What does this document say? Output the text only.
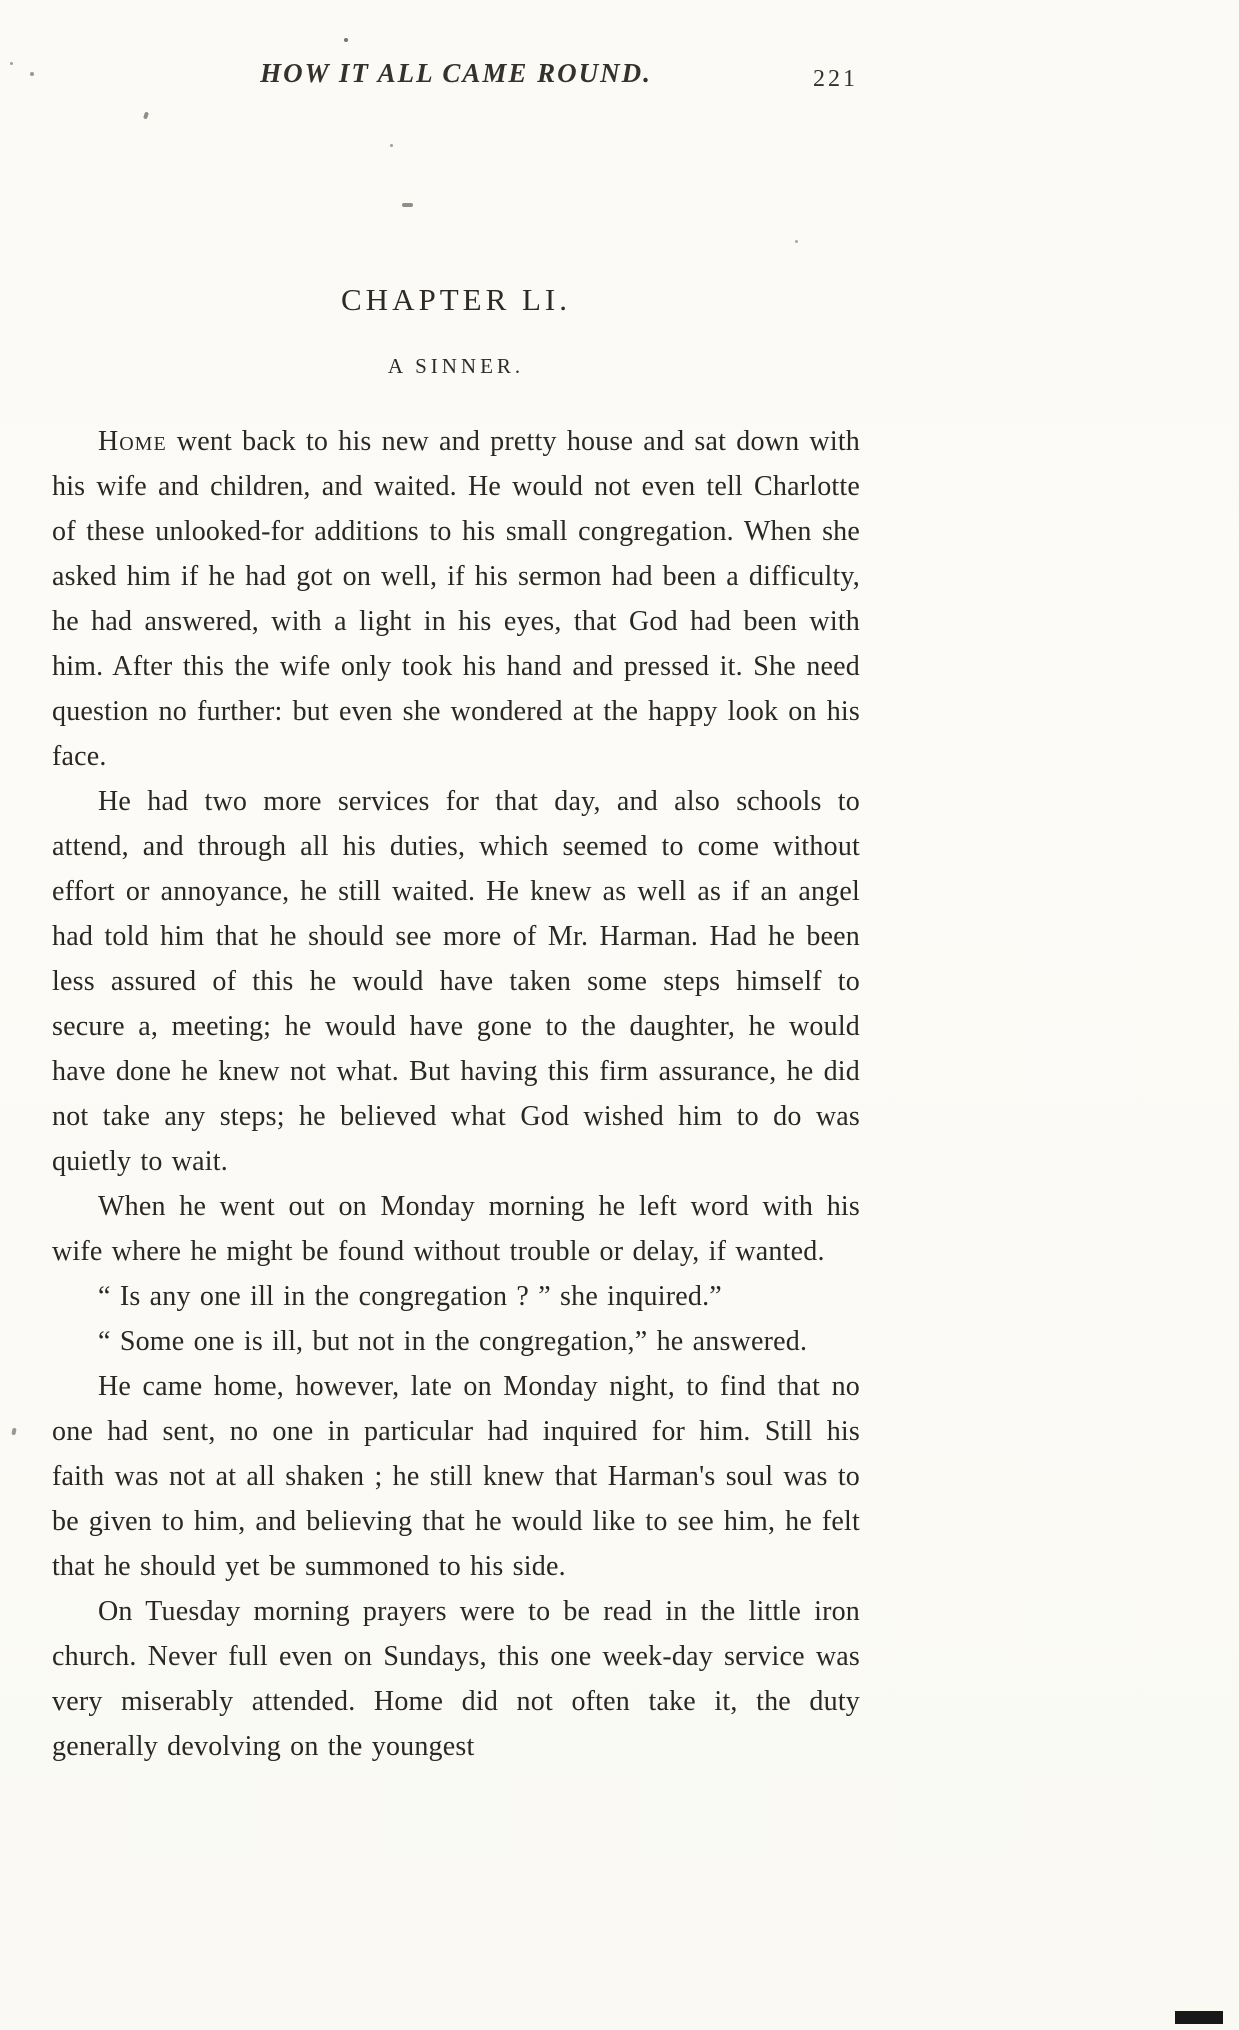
HOW IT ALL CAME ROUND.	221
CHAPTER LI.
A SINNER.

Home went back to his new and pretty house and sat down with his wife and children, and waited. He would not even tell Charlotte of these unlooked-for additions to his small congregation. When she asked him if he had got on well, if his sermon had been a difficulty, he had answered, with a light in his eyes, that God had been with him. After this the wife only took his hand and pressed it. She need question no further: but even she wondered at the happy look on his face.

He had two more services for that day, and also schools to attend, and through all his duties, which seemed to come without effort or annoyance, he still waited. He knew as well as if an angel had told him that he should see more of Mr. Harman. Had he been less assured of this he would have taken some steps himself to secure a, meeting; he would have gone to the daughter, he would have done he knew not what. But having this firm assurance, he did not take any steps; he believed what God wished him to do was quietly to wait.

When he went out on Monday morning he left word with his wife where he might be found without trouble or delay, if wanted.

“ Is any one ill in the congregation ? ” she inquired.”

“ Some one is ill, but not in the congregation,” he answered.

He came home, however, late on Monday night, to find that no one had sent, no one in particular had inquired for him. Still his faith was not at all shaken ; he still knew that Harman's soul was to be given to him, and believing that he would like to see him, he felt that he should yet be summoned to his side.

On Tuesday morning prayers were to be read in the little iron church. Never full even on Sundays, this one week-day service was very miserably attended. Home did not often take it, the duty generally devolving on the youngest
